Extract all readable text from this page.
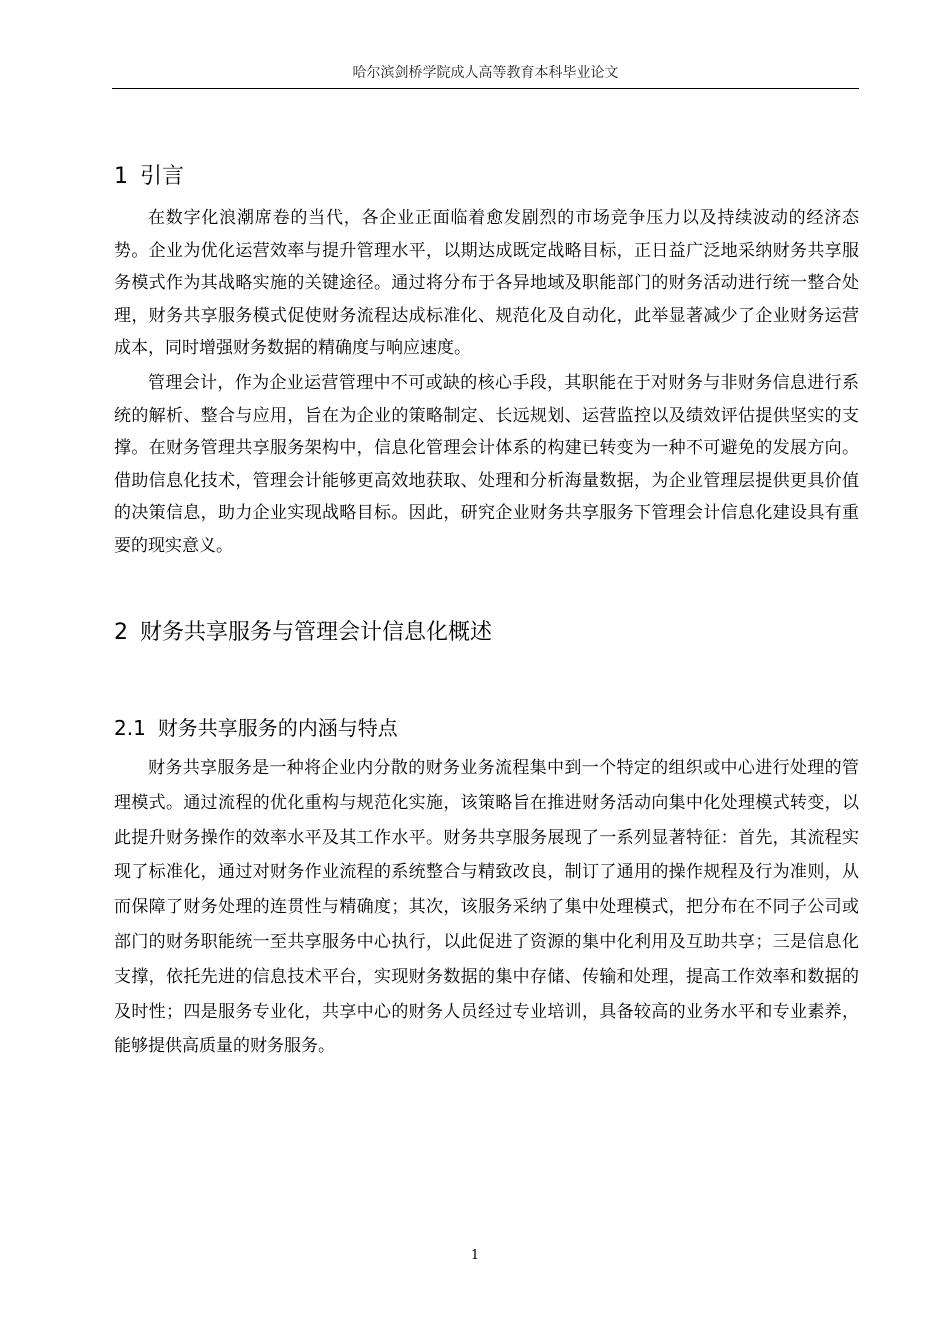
哈尔滨剑桥学院成人高等教育本科毕业论文
1 引言

在数字化浪潮席卷的当代，各企业正面临着愈发剧烈的市场竞争压力以及持续波动的经济态势。企业为优化运营效率与提升管理水平，以期达成既定战略目标，正日益广泛地采纳财务共享服务模式作为其战略实施的关键途径。通过将分布于各异地域及职能部门的财务活动进行统一整合处理，财务共享服务模式促使财务流程达成标准化、规范化及自动化，此举显著减少了企业财务运营成本，同时增强财务数据的精确度与响应速度。

管理会计，作为企业运营管理中不可或缺的核心手段，其职能在于对财务与非财务信息进行系统的解析、整合与应用，旨在为企业的策略制定、长远规划、运营监控以及绩效评估提供坚实的支撑。在财务管理共享服务架构中，信息化管理会计体系的构建已转变为一种不可避免的发展方向。借助信息化技术，管理会计能够更高效地获取、处理和分析海量数据，为企业管理层提供更具价值的决策信息，助力企业实现战略目标。因此，研究企业财务共享服务下管理会计信息化建设具有重要的现实意义。

2 财务共享服务与管理会计信息化概述
2.1 财务共享服务的内涵与特点

财务共享服务是一种将企业内分散的财务业务流程集中到一个特定的组织或中心进行处理的管理模式。通过流程的优化重构与规范化实施，该策略旨在推进财务活动向集中化处理模式转变，以此提升财务操作的效率水平及其工作水平。财务共享服务展现了一系列显著特征：首先，其流程实现了标准化，通过对财务作业流程的系统整合与精致改良，制订了通用的操作规程及行为准则，从而保障了财务处理的连贯性与精确度；其次，该服务采纳了集中处理模式，把分布在不同子公司或部门的财务职能统一至共享服务中心执行，以此促进了资源的集中化利用及互助共享；三是信息化支撑，依托先进的信息技术平台，实现财务数据的集中存储、传输和处理，提高工作效率和数据的及时性；四是服务专业化，共享中心的财务人员经过专业培训，具备较高的业务水平和专业素养，能够提供高质量的财务服务。

1
